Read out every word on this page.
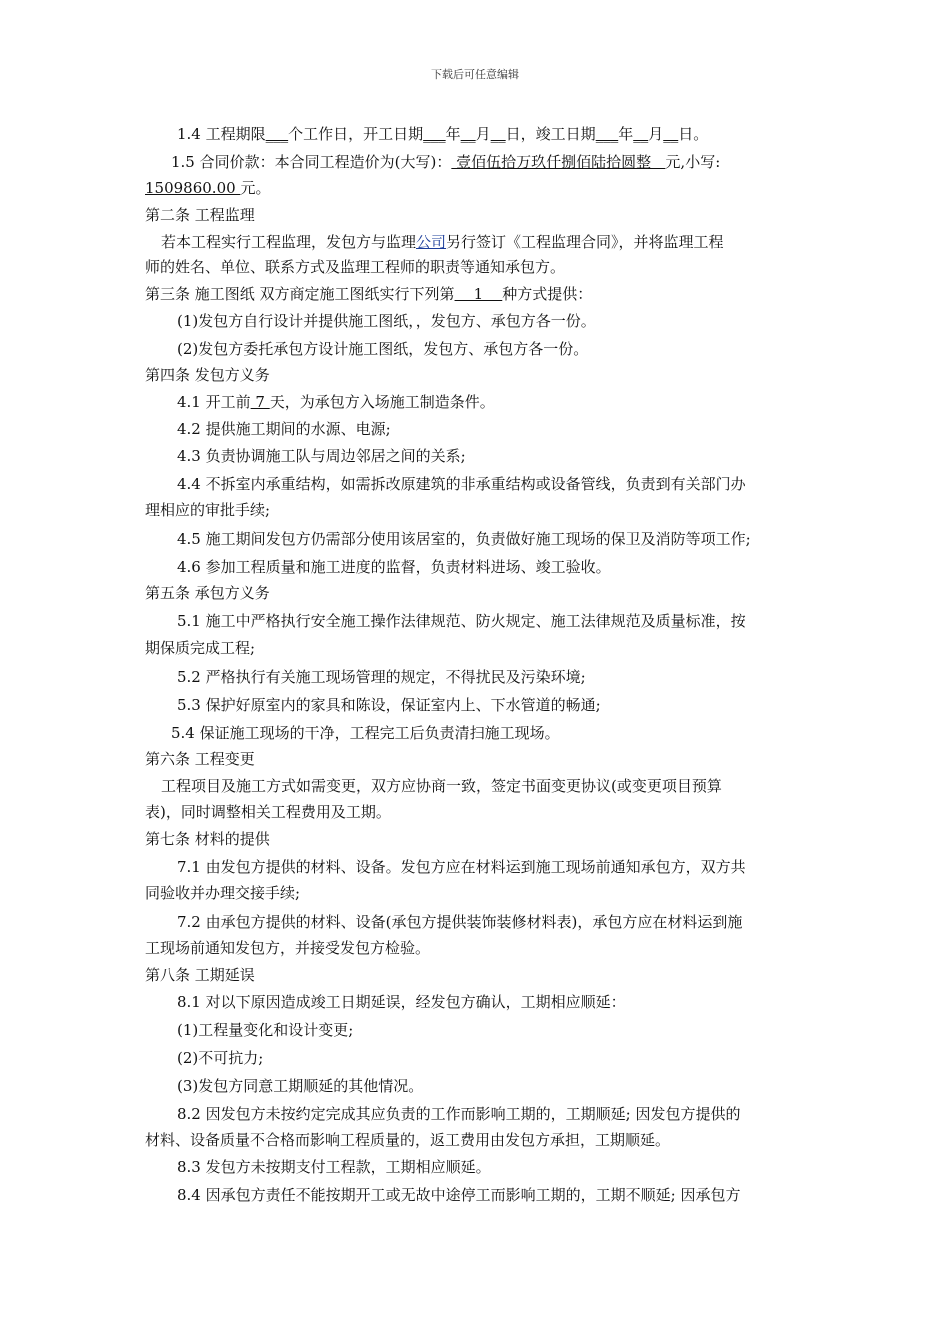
下载后可任意编辑
1.4 工程期限___个工作日，开工日期___年__月__日，竣工日期___年__月__日。
1.5 合同价款：本合同工程造价为(大写)： 壹佰伍拾万玖仟捌佰陆拾圆整   元,小写:
1509860.00 元。
第二条 工程监理
若本工程实行工程监理，发包方与监理公司另行签订《工程监理合同》，并将监理工程
师的姓名、单位、联系方式及监理工程师的职责等通知承包方。
第三条 施工图纸 双方商定施工图纸实行下列第    1    种方式提供：
(1)发包方自行设计并提供施工图纸，，发包方、承包方各一份。
(2)发包方委托承包方设计施工图纸，发包方、承包方各一份。
第四条 发包方义务
4.1 开工前 7 天，为承包方入场施工制造条件。
4.2 提供施工期间的水源、电源;
4.3 负责协调施工队与周边邻居之间的关系;
4.4 不拆室内承重结构，如需拆改原建筑的非承重结构或设备管线，负责到有关部门办
理相应的审批手续;
4.5 施工期间发包方仍需部分使用该居室的，负责做好施工现场的保卫及消防等项工作;
4.6 参加工程质量和施工进度的监督，负责材料进场、竣工验收。
第五条 承包方义务
5.1 施工中严格执行安全施工操作法律规范、防火规定、施工法律规范及质量标准，按
期保质完成工程;
5.2 严格执行有关施工现场管理的规定，不得扰民及污染环境;
5.3 保护好原室内的家具和陈设，保证室内上、下水管道的畅通;
5.4 保证施工现场的干净，工程完工后负责清扫施工现场。
第六条 工程变更
工程项目及施工方式如需变更，双方应协商一致，签定书面变更协议(或变更项目预算
表)，同时调整相关工程费用及工期。
第七条 材料的提供
7.1 由发包方提供的材料、设备。发包方应在材料运到施工现场前通知承包方，双方共
同验收并办理交接手续;
7.2 由承包方提供的材料、设备(承包方提供装饰装修材料表)，承包方应在材料运到施
工现场前通知发包方，并接受发包方检验。
第八条 工期延误
8.1 对以下原因造成竣工日期延误，经发包方确认，工期相应顺延：
(1)工程量变化和设计变更;
(2)不可抗力;
(3)发包方同意工期顺延的其他情况。
8.2 因发包方未按约定完成其应负责的工作而影响工期的，工期顺延; 因发包方提供的
材料、设备质量不合格而影响工程质量的，返工费用由发包方承担，工期顺延。
8.3 发包方未按期支付工程款，工期相应顺延。
8.4 因承包方责任不能按期开工或无故中途停工而影响工期的，工期不顺延; 因承包方
